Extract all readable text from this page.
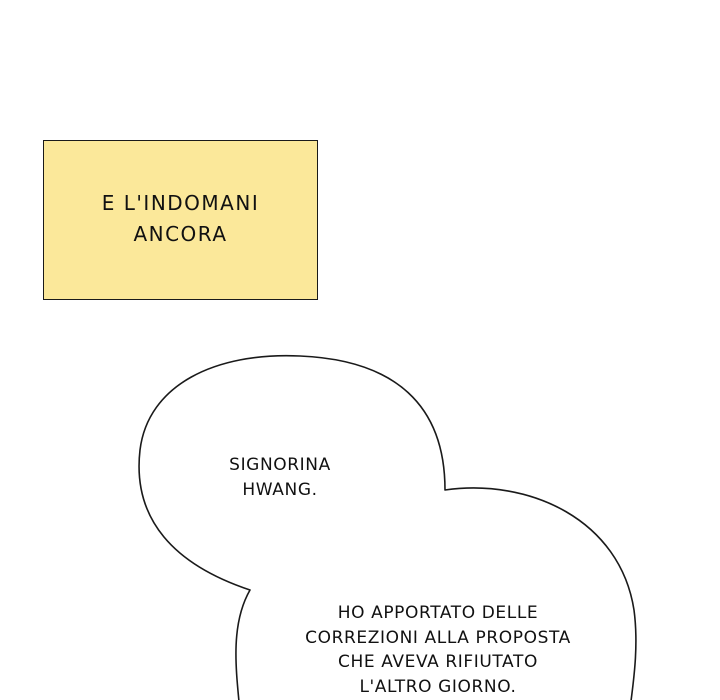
E L'INDOMANI
ANCORA
SIGNORINA
HWANG.
HO APPORTATO DELLE
CORREZIONI ALLA PROPOSTA
CHE AVEVA RIFIUTATO
L'ALTRO GIORNO.
